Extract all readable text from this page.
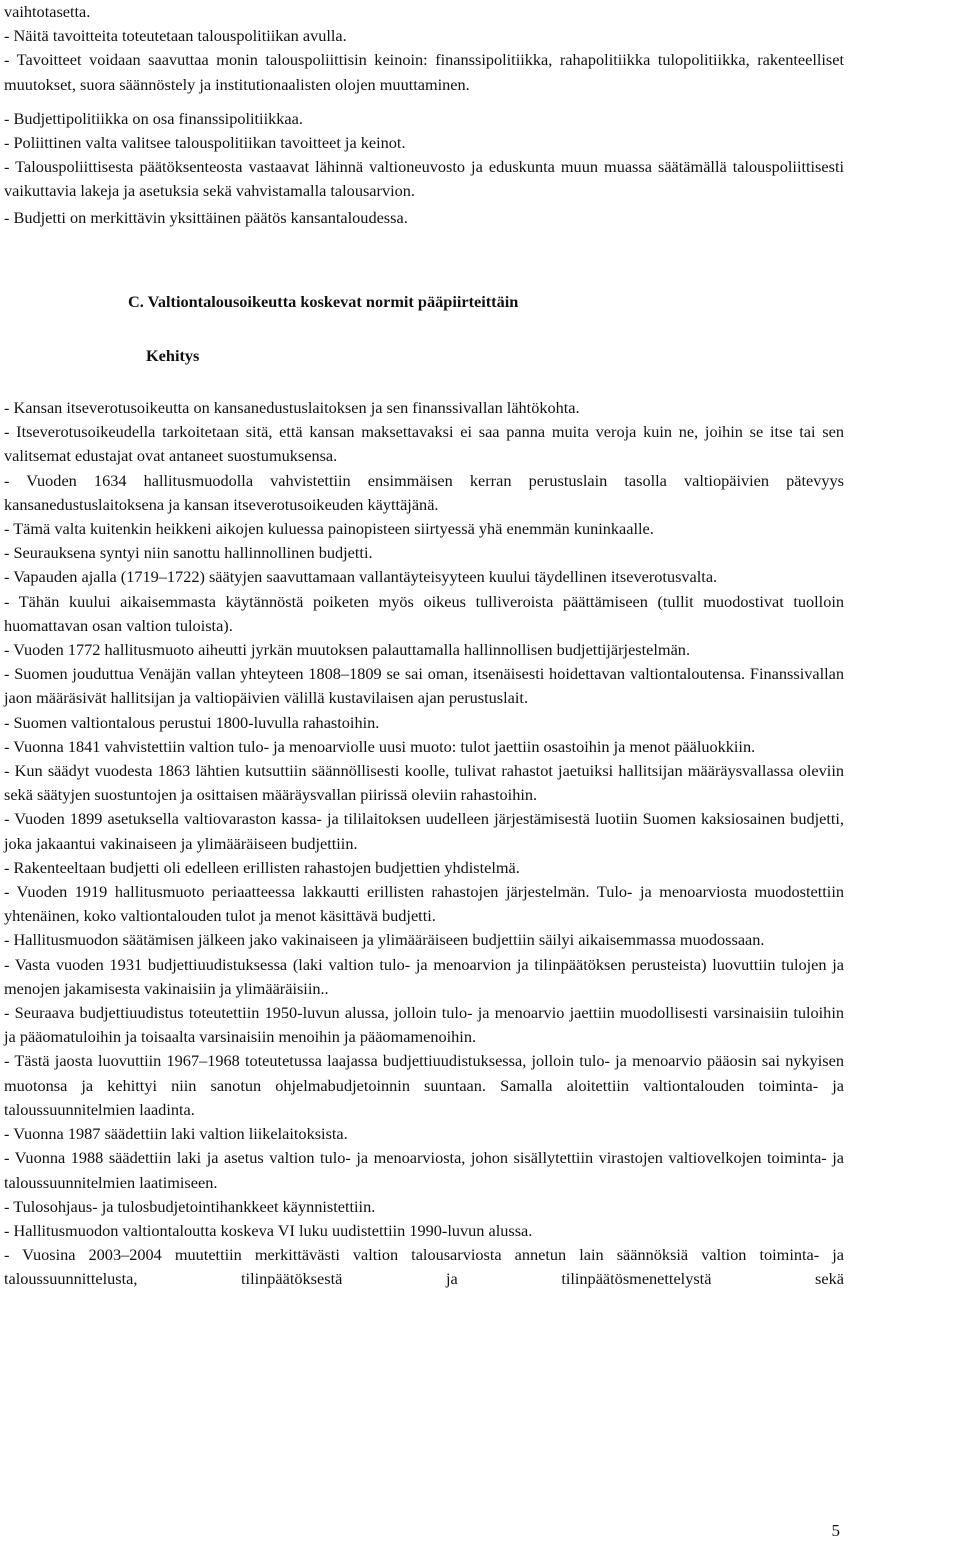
vaihtotasetta.

- Näitä tavoitteita toteutetaan talouspolitiikan avulla.

- Tavoitteet voidaan saavuttaa monin talouspoliittisin keinoin: finanssipolitiikka, rahapolitiikka tulopolitiikka, rakenteelliset muutokset, suora säännöstely ja institutionaalisten olojen muuttaminen.

- Budjettipolitiikka on osa finanssipolitiikkaa.

- Poliittinen valta valitsee talouspolitiikan tavoitteet ja keinot.

- Talouspoliittisesta päätöksenteosta vastaavat lähinnä valtioneuvosto ja eduskunta muun muassa säätämällä talouspoliittisesti vaikuttavia lakeja ja asetuksia sekä vahvistamalla talousarvion.

- Budjetti on merkittävin yksittäinen päätös kansantaloudessa.

C. Valtiontalousoikeutta koskevat normit pääpiirteittäin
Kehitys

- Kansan itseverotusoikeutta on kansanedustuslaitoksen ja sen finanssivallan lähtökohta.

- Itseverotusoikeudella tarkoitetaan sitä, että kansan maksettavaksi ei saa panna muita veroja kuin ne, joihin se itse tai sen valitsemat edustajat ovat antaneet suostumuksensa.

- Vuoden 1634 hallitusmuodolla vahvistettiin ensimmäisen kerran perustuslain tasolla valtiopäivien pätevyys kansanedustuslaitoksena ja kansan itseverotusoikeuden käyttäjänä.

- Tämä valta kuitenkin heikkeni aikojen kuluessa painopisteen siirtyessä yhä enemmän kuninkaalle.

- Seurauksena syntyi niin sanottu hallinnollinen budjetti.

- Vapauden ajalla (1719–1722) säätyjen saavuttamaan vallantäyteisyyteen kuului täydellinen itseverotusvalta.

- Tähän kuului aikaisemmasta käytännöstä poiketen myös oikeus tulliveroista päättämiseen (tullit muodostivat tuolloin huomattavan osan valtion tuloista).

- Vuoden 1772 hallitusmuoto aiheutti jyrkän muutoksen palauttamalla hallinnollisen budjettijärjestelmän.

- Suomen jouduttua Venäjän vallan yhteyteen 1808–1809 se sai oman, itsenäisesti hoidettavan valtiontaloutensa. Finanssivallan jaon määräsivät hallitsijan ja valtiopäivien välillä kustavilaisen ajan perustuslait.

- Suomen valtiontalous perustui 1800-luvulla rahastoihin.

- Vuonna 1841 vahvistettiin valtion tulo- ja menoarviolle uusi muoto: tulot jaettiin osastoihin ja menot pääluokkiin.

- Kun säädyt vuodesta 1863 lähtien kutsuttiin säännöllisesti koolle, tulivat rahastot jaetuiksi hallitsijan määräysvallassa oleviin sekä säätyjen suostuntojen ja osittaisen määräysvallan piirissä oleviin rahastoihin.

- Vuoden 1899 asetuksella valtiovaraston kassa- ja tililaitoksen uudelleen järjestämisestä luotiin Suomen kaksiosainen budjetti, joka jakaantui vakinaiseen ja ylimääräiseen budjettiin.

- Rakenteeltaan budjetti oli edelleen erillisten rahastojen budjettien yhdistelmä.

- Vuoden 1919 hallitusmuoto periaatteessa lakkautti erillisten rahastojen järjestelmän. Tulo- ja menoarviosta muodostettiin yhtenäinen, koko valtiontalouden tulot ja menot käsittävä budjetti.

- Hallitusmuodon säätämisen jälkeen jako vakinaiseen ja ylimääräiseen budjettiin säilyi aikaisemmassa muodossaan.

- Vasta vuoden 1931 budjettiuudistuksessa (laki valtion tulo- ja menoarvion ja tilinpäätöksen perusteista) luovuttiin tulojen ja menojen jakamisesta vakinaisiin ja ylimääräisiin..

- Seuraava budjettiuudistus toteutettiin 1950-luvun alussa, jolloin tulo- ja menoarvio jaettiin muodollisesti varsinaisiin tuloihin ja pääomatuloihin ja toisaalta varsinaisiin menoihin ja pääomamenoihin.

- Tästä jaosta luovuttiin 1967–1968 toteutetussa laajassa budjettiuudistuksessa, jolloin tulo- ja menoarvio pääosin sai nykyisen muotonsa ja kehittyi niin sanotun ohjelmabudjetoinnin suuntaan. Samalla aloitettiin valtiontalouden toiminta- ja taloussuunnitelmien laadinta.

- Vuonna 1987 säädettiin laki valtion liikelaitoksista.

- Vuonna 1988 säädettiin laki ja asetus valtion tulo- ja menoarviosta, johon sisällytettiin virastojen valtiovelkojen toiminta- ja taloussuunnitelmien laatimiseen.

- Tulosohjaus- ja tulosbudjetointihankkeet käynnistettiin.

- Hallitusmuodon valtiontaloutta koskeva VI luku uudistettiin 1990-luvun alussa.

- Vuosina 2003–2004 muutettiin merkittävästi valtion talousarviosta annetun lain säännöksiä valtion toiminta- ja taloussuunnittelusta, tilinpäätöksestä ja tilinpäätösmenettelystä sekä

5
